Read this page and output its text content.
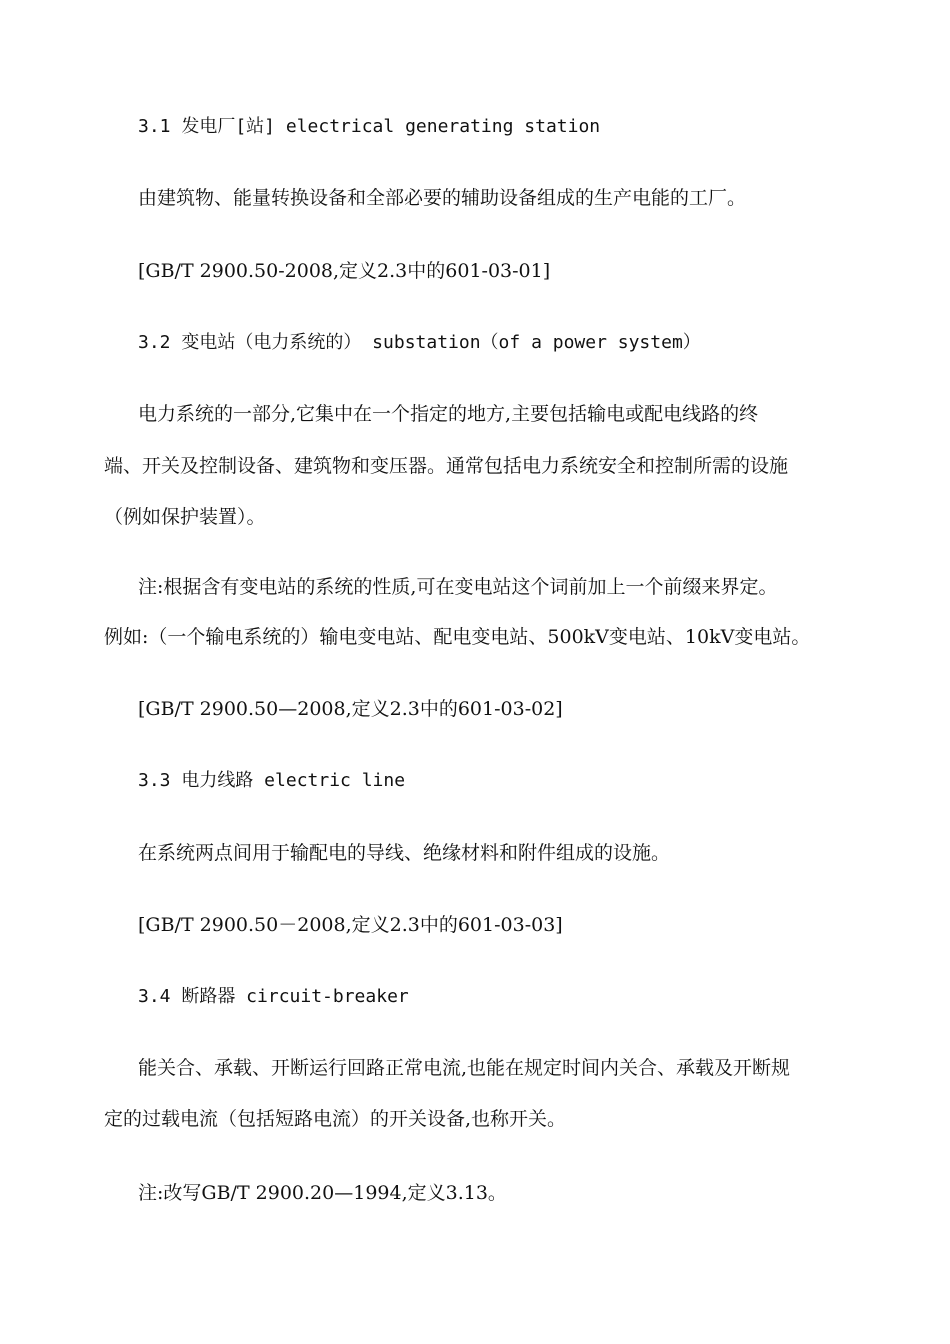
3.1 发电厂[站] electrical generating station
由建筑物、能量转换设备和全部必要的辅助设备组成的生产电能的工厂。
[GB/T 2900.50-2008,定义2.3中的601-03-01]
3.2 变电站（电力系统的） substation（of a power system）
电力系统的一部分,它集中在一个指定的地方,主要包括输电或配电线路的终
端、开关及控制设备、建筑物和变压器。通常包括电力系统安全和控制所需的设施
（例如保护装置）。
注:根据含有变电站的系统的性质,可在变电站这个词前加上一个前缀来界定。
例如:（一个输电系统的）输电变电站、配电变电站、500kV变电站、10kV变电站。
[GB/T 2900.50—2008,定义2.3中的601-03-02]
3.3 电力线路 electric line
在系统两点间用于输配电的导线、绝缘材料和附件组成的设施。
[GB/T 2900.50－2008,定义2.3中的601-03-03]
3.4 断路器 circuit-breaker
能关合、承载、开断运行回路正常电流,也能在规定时间内关合、承载及开断规
定的过载电流（包括短路电流）的开关设备,也称开关。
注:改写GB/T 2900.20—1994,定义3.13。
